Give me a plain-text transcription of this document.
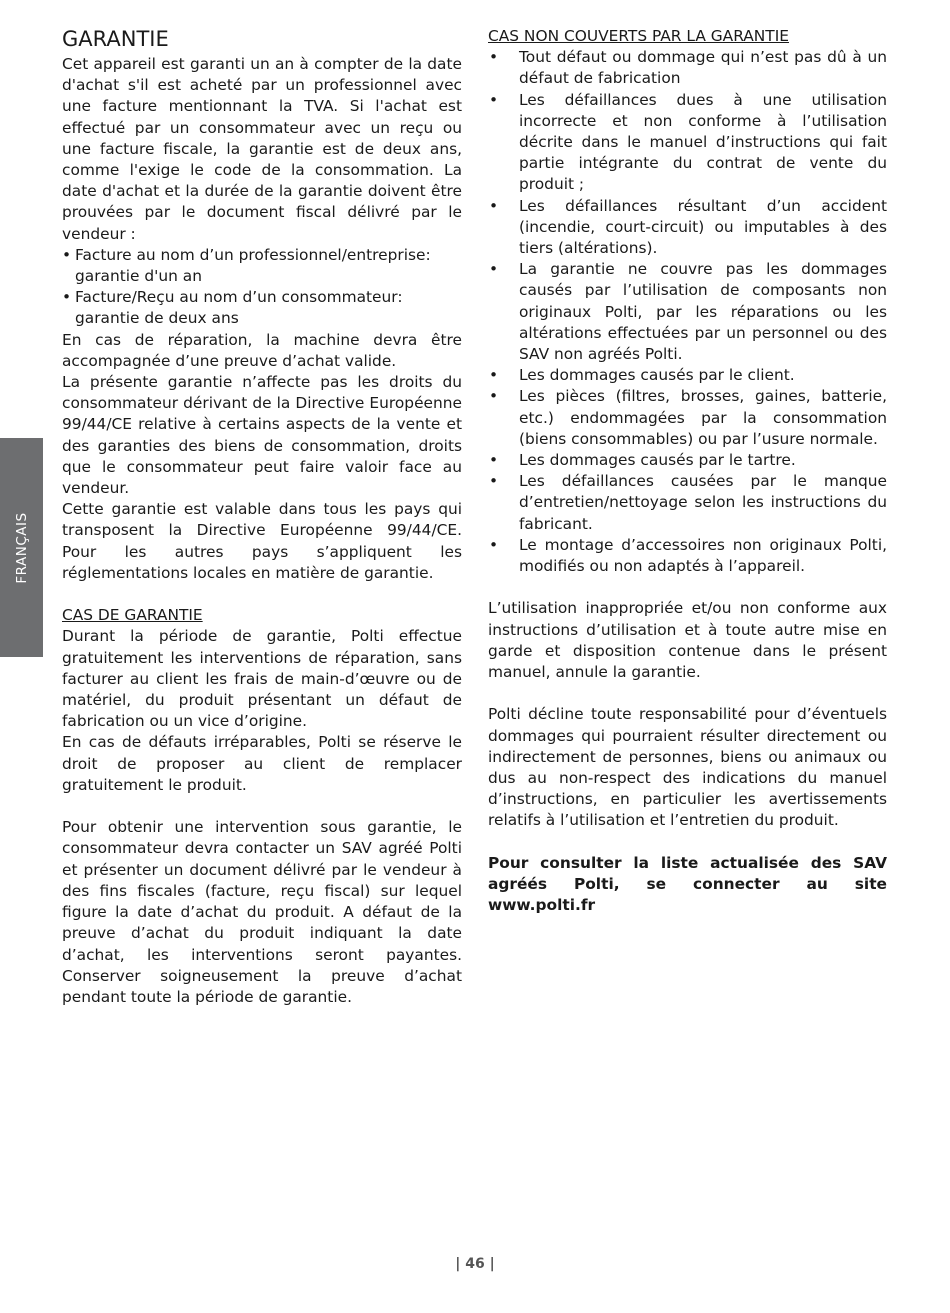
FRANÇAIS
GARANTIE

Cet appareil est garanti un an à compter de la date d'achat s'il est acheté par un professionnel avec une facture mentionnant la TVA. Si l'achat est effectué par un consommateur avec un reçu ou une facture fiscale, la garantie est de deux ans, comme l'exige le code de la consommation. La date d'achat et la durée de la garantie doivent être prouvées par le document fiscal délivré par le vendeur :

• Facture au nom d’un professionnel/entreprise: garantie d'un an
• Facture/Reçu au nom d’un consommateur: garantie de deux ans

En cas de réparation, la machine devra être accompagnée d’une preuve d’achat valide.

La présente garantie n’affecte pas les droits du consommateur dérivant de la Directive Européenne 99/44/CE relative à certains aspects de la vente et des garanties des biens de consommation, droits que le consommateur peut faire valoir face au vendeur.

Cette garantie est valable dans tous les pays qui transposent la Directive Européenne 99/44/CE. Pour les autres pays s’appliquent les réglementations locales en matière de garantie.

CAS DE GARANTIE

Durant la période de garantie, Polti effectue gratuitement les interventions de réparation, sans facturer au client les frais de main-d’œuvre ou de matériel, du produit présentant un défaut de fabrication ou un vice d’origine.

En cas de défauts irréparables, Polti se réserve le droit de proposer au client de remplacer gratuitement le produit.

Pour obtenir une intervention sous garantie, le consommateur devra contacter un SAV agréé Polti et présenter un document délivré par le vendeur à des fins fiscales (facture, reçu fiscal) sur lequel figure la date d’achat du produit. A défaut de la preuve d’achat du produit indiquant la date d’achat, les interventions seront payantes. Conserver soigneusement la preuve d’achat pendant toute la période de garantie.

CAS NON COUVERTS PAR LA GARANTIE
• Tout défaut ou dommage qui n’est pas dû à un défaut de fabrication
• Les défaillances dues à une utilisation incorrecte et non conforme à l’utilisation décrite dans le manuel d’instructions qui fait partie intégrante du contrat de vente du produit ;
• Les défaillances résultant d’un accident (incendie, court-circuit) ou imputables à des tiers (altérations).
• La garantie ne couvre pas les dommages causés par l’utilisation de composants non originaux Polti, par les réparations ou les altérations effectuées par un personnel ou des SAV non agréés Polti.
• Les dommages causés par le client.
• Les pièces (filtres, brosses, gaines, batterie, etc.) endommagées par la consommation (biens consommables) ou par l’usure normale.
• Les dommages causés par le tartre.
• Les défaillances causées par le manque d’entretien/nettoyage selon les instructions du fabricant.
• Le montage d’accessoires non originaux Polti, modifiés ou non adaptés à l’appareil.

L’utilisation inappropriée et/ou non conforme aux instructions d’utilisation et à toute autre mise en garde et disposition contenue dans le présent manuel, annule la garantie.

Polti décline toute responsabilité pour d’éventuels dommages qui pourraient résulter directement ou indirectement de personnes, biens ou animaux ou dus au non-respect des indications du manuel d’instructions, en particulier les avertissements relatifs à l’utilisation et l’entretien du produit.

Pour consulter la liste actualisée des SAV agréés Polti, se connecter au site www.polti.fr

| 46 |
